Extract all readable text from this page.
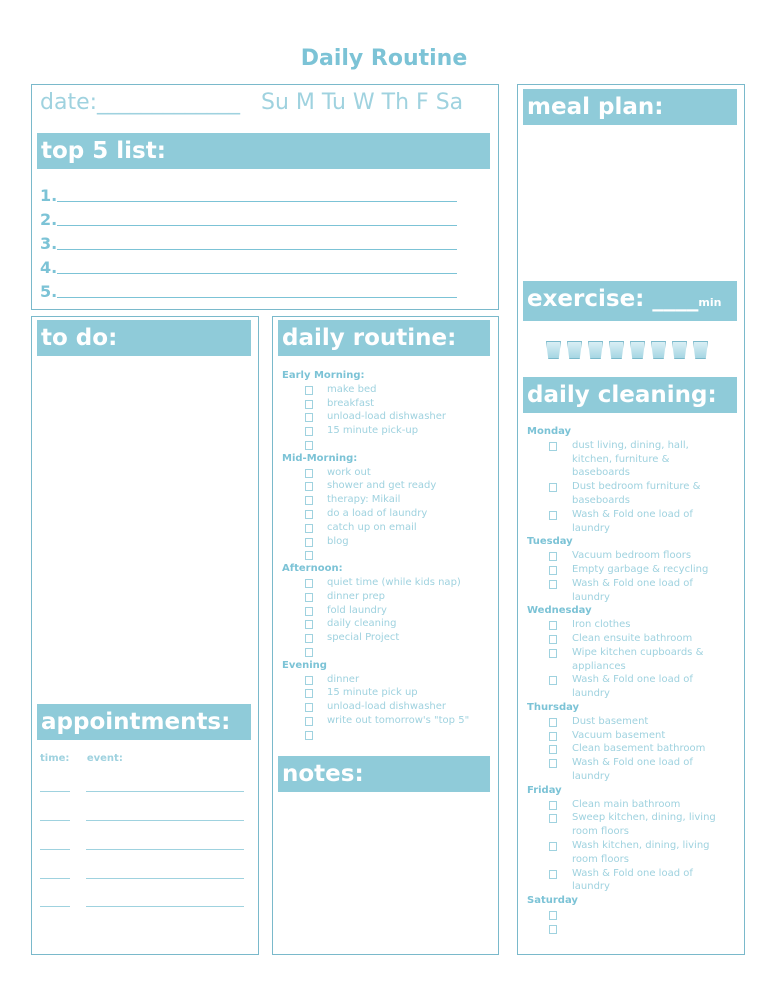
Daily Routine
date:_____________ Su M Tu W Th F Sa
top 5 list:
1.
2.
3.
4.
5.
meal plan:
exercise: ____min
daily cleaning:
Monday
dust living, dining, hall,
kitchen, furniture &
baseboards
Dust bedroom furniture &
baseboards
Wash & Fold one load of
laundry
Tuesday
Vacuum bedroom floors
Empty garbage & recycling
Wash & Fold one load of
laundry
Wednesday
Iron clothes
Clean ensuite bathroom
Wipe kitchen cupboards &
appliances
Wash & Fold one load of
laundry
Thursday
Dust basement
Vacuum basement
Clean basement bathroom
Wash & Fold one load of
laundry
Friday
Clean main bathroom
Sweep kitchen, dining, living
room floors
Wash kitchen, dining, living
room floors
Wash & Fold one load of
laundry
Saturday
to do:
appointments:
time: event:
daily routine:
Early Morning:
make bed
breakfast
unload-load dishwasher
15 minute pick-up
Mid-Morning:
work out
shower and get ready
therapy: Mikail
do a load of laundry
catch up on email
blog
Afternoon:
quiet time (while kids nap)
dinner prep
fold laundry
daily cleaning
special Project
Evening
dinner
15 minute pick up
unload-load dishwasher
write out tomorrow's "top 5"
notes:
